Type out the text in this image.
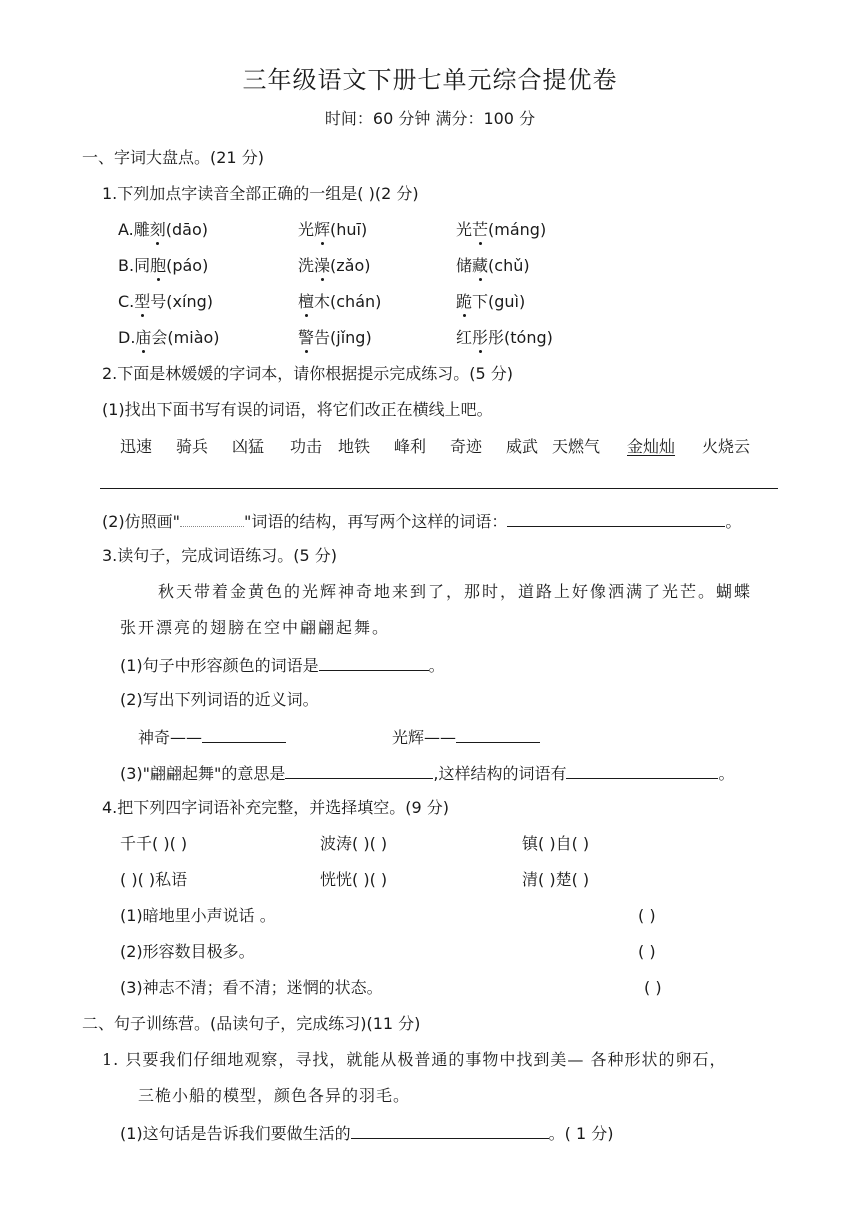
三年级语文下册七单元综合提优卷
时间：60 分钟 满分：100 分
一、字词大盘点。(21 分)
1.下列加点字读音全部正确的一组是( )(2 分)
A.雕刻(dāo)	光辉(huī)	光芒(máng)
B.同胞(páo)	洗澡(zǎo)	储藏(chǔ)
C.型号(xíng)	檀木(chán)	跪下(guì)
D.庙会(miào)	警告(jǐng)	红彤彤(tóng)
2.下面是林媛媛的字词本，请你根据提示完成练习。(5 分)
(1)找出下面书写有误的词语，将它们改正在横线上吧。
迅速 骑兵 凶猛 功击 地铁 峰利 奇迹 威武 天燃气 金灿灿 火烧云
(2)仿照画"	"词语的结构，再写两个这样的词语：	。
3.读句子，完成词语练习。(5 分)
秋天带着金黄色的光辉神奇地来到了，那时，道路上好像洒满了光芒。蝴蝶
张开漂亮的翅膀在空中翩翩起舞。
(1)句子中形容颜色的词语是	。
(2)写出下列词语的近义词。
神奇——	光辉——
(3)"翩翩起舞"的意思是	,这样结构的词语有	。
4.把下列四字词语补充完整，并选择填空。(9 分)
千千( )( )	波涛( )( )	镇( )自( )
( )( )私语	恍恍( )( )	清( )楚( )
(1)暗地里小声说话 。	( )
(2)形容数目极多。	( )
(3)神志不清；看不清；迷惘的状态。	( )
二、句子训练营。(品读句子，完成练习)(11 分)
1. 只要我们仔细地观察，寻找，就能从极普通的事物中找到美— 各种形状的卵石，
三桅小船的模型，颜色各异的羽毛。
(1)这句话是告诉我们要做生活的	。( 1 分)
